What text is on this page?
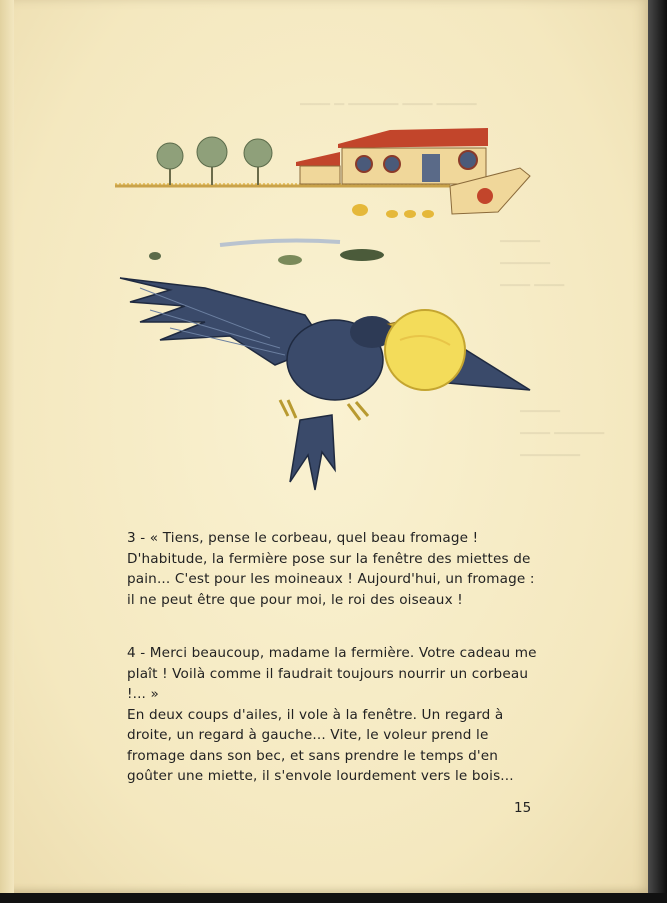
▁▁▁ ▁ ▁▁▁▁▁ ▁▁▁ ▁▁▁▁
▁▁▁▁
▁▁▁▁▁
▁▁▁ ▁▁▁
▁▁▁▁
▁▁▁ ▁▁▁▁▁
▁▁▁▁▁▁

3 - « Tiens, pense le corbeau, quel beau fromage ! D'habitude, la fermière pose sur la fenêtre des miettes de pain... C'est pour les moineaux ! Aujourd'hui, un fromage : il ne peut être que pour moi, le roi des oiseaux !

4 - Merci beaucoup, madame la fermière. Votre cadeau me plaît ! Voilà comme il faudrait toujours nourrir un corbeau !... »

En deux coups d'ailes, il vole à la fenêtre. Un regard à droite, un regard à gauche... Vite, le voleur prend le fromage dans son bec, et sans prendre le temps d'en goûter une miette, il s'envole lourdement vers le bois...

15
